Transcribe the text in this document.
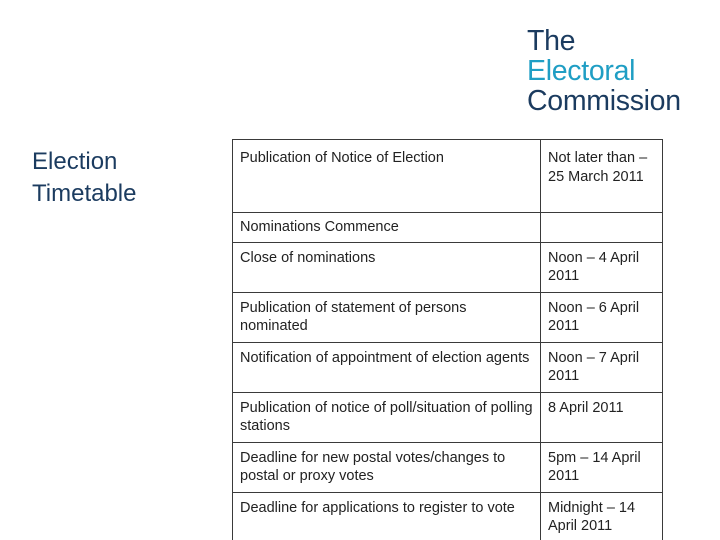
The
Electoral
Commission
Election
Timetable
Publication of Notice of Election	Not later than – 25 March 2011
Nominations Commence	
Close of nominations	Noon – 4 April 2011
Publication of statement of persons nominated	Noon – 6 April 2011
Notification of appointment of election agents	Noon – 7 April 2011
Publication of notice of poll/situation of polling stations	8 April 2011
Deadline for new postal votes/changes to postal or proxy votes	5pm – 14 April 2011
Deadline for applications to register to vote	Midnight – 14 April 2011
